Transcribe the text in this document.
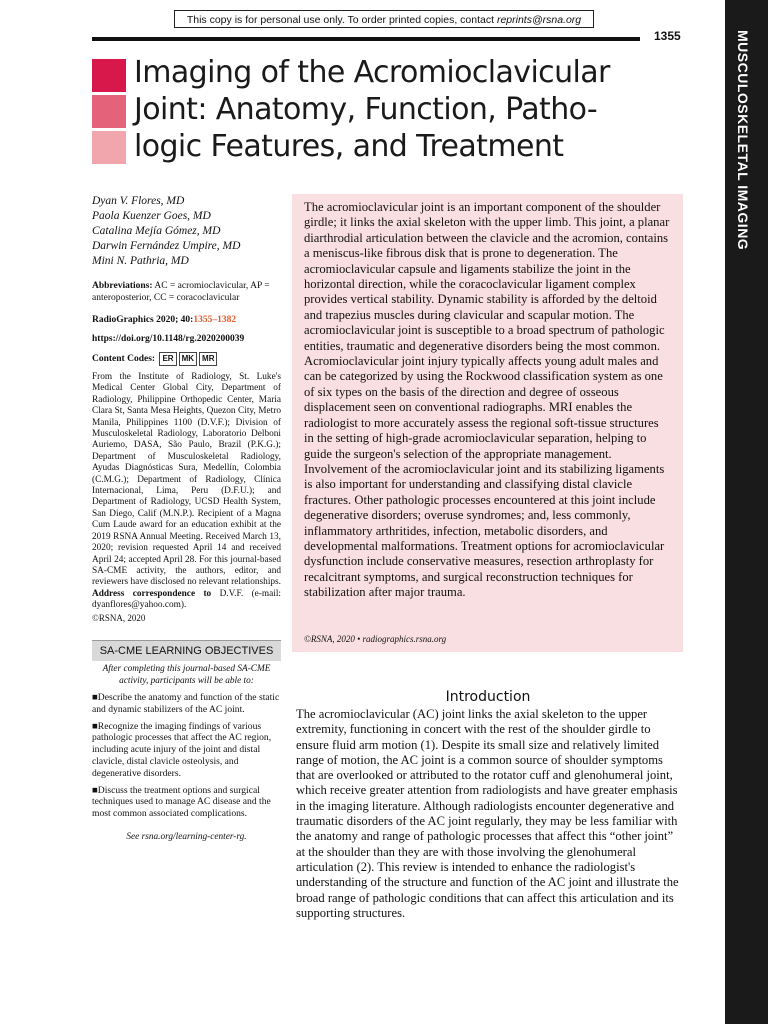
This copy is for personal use only. To order printed copies, contact reprints@rsna.org
1355	MUSCULOSKELETAL IMAGING
Imaging of the Acromioclavicular
Joint: Anatomy, Function, Patho-
logic Features, and Treatment
Dyan V. Flores, MD
Paola Kuenzer Goes, MD
Catalina Mejía Gómez, MD
Darwin Fernández Umpire, MD
Mini N. Pathria, MD
Abbreviations: AC = acromioclavicular, AP = anteroposterior, CC = coracoclavicular
RadioGraphics 2020; 40:1355–1382
https://doi.org/10.1148/rg.2020200039
Content Codes: ER MK MR
From the Institute of Radiology, St. Luke's Medical Center Global City, Department of Radiology, Philippine Orthopedic Center, Maria Clara St, Santa Mesa Heights, Quezon City, Metro Manila, Philippines 1100 (D.V.F.); Division of Musculoskeletal Radiology, Laboratorio Delboni Auriemo, DASA, São Paulo, Brazil (P.K.G.); Department of Musculoskeletal Radiology, Ayudas Diagnósticas Sura, Medellín, Colombia (C.M.G.); Department of Radiology, Clínica Internacional, Lima, Peru (D.F.U.); and Department of Radiology, UCSD Health System, San Diego, Calif (M.N.P.). Recipient of a Magna Cum Laude award for an education exhibit at the 2019 RSNA Annual Meeting. Received March 13, 2020; revision requested April 14 and received April 24; accepted April 28. For this journal-based SA-CME activity, the authors, editor, and reviewers have disclosed no relevant relationships. Address correspondence to D.V.F. (e-mail: dyanflores@yahoo.com).
©RSNA, 2020
SA-CME LEARNING OBJECTIVES
After completing this journal-based SA-CME activity, participants will be able to:
■Describe the anatomy and function of the static and dynamic stabilizers of the AC joint.
■Recognize the imaging findings of various pathologic processes that affect the AC region, including acute injury of the joint and distal clavicle, distal clavicle osteolysis, and degenerative disorders.
■Discuss the treatment options and surgical techniques used to manage AC disease and the most common associated complications.
See rsna.org/learning-center-rg.

The acromioclavicular joint is an important component of the shoulder girdle; it links the axial skeleton with the upper limb. This joint, a planar diarthrodial articulation between the clavicle and the acromion, contains a meniscus-like fibrous disk that is prone to degeneration. The acromioclavicular capsule and ligaments stabilize the joint in the horizontal direction, while the coracoclavicular ligament complex provides vertical stability. Dynamic stability is afforded by the deltoid and trapezius muscles during clavicular and scapular motion. The acromioclavicular joint is susceptible to a broad spectrum of pathologic entities, traumatic and degenerative disorders being the most common. Acromioclavicular joint injury typically affects young adult males and can be categorized by using the Rockwood classification system as one of six types on the basis of the direction and degree of osseous displacement seen on conventional radiographs. MRI enables the radiologist to more accurately assess the regional soft-tissue structures in the setting of high-grade acromioclavicular separation, helping to guide the surgeon's selection of the appropriate management. Involvement of the acromioclavicular joint and its stabilizing ligaments is also important for understanding and classifying distal clavicle fractures. Other pathologic processes encountered at this joint include degenerative disorders; overuse syndromes; and, less commonly, inflammatory arthritides, infection, metabolic disorders, and developmental malformations. Treatment options for acromioclavicular dysfunction include conservative measures, resection arthroplasty for recalcitrant symptoms, and surgical reconstruction techniques for stabilization after major trauma.

©RSNA, 2020 • radiographics.rsna.org
Introduction

The acromioclavicular (AC) joint links the axial skeleton to the upper extremity, functioning in concert with the rest of the shoulder girdle to ensure fluid arm motion (1). Despite its small size and relatively limited range of motion, the AC joint is a common source of shoulder symptoms that are overlooked or attributed to the rotator cuff and glenohumeral joint, which receive greater attention from radiologists and have greater emphasis in the imaging literature. Although radiologists encounter degenerative and traumatic disorders of the AC joint regularly, they may be less familiar with the anatomy and range of pathologic processes that affect this “other joint” at the shoulder than they are with those involving the glenohumeral articulation (2). This review is intended to enhance the radiologist's understanding of the structure and function of the AC joint and illustrate the broad range of pathologic conditions that can affect this articulation and its supporting structures.
